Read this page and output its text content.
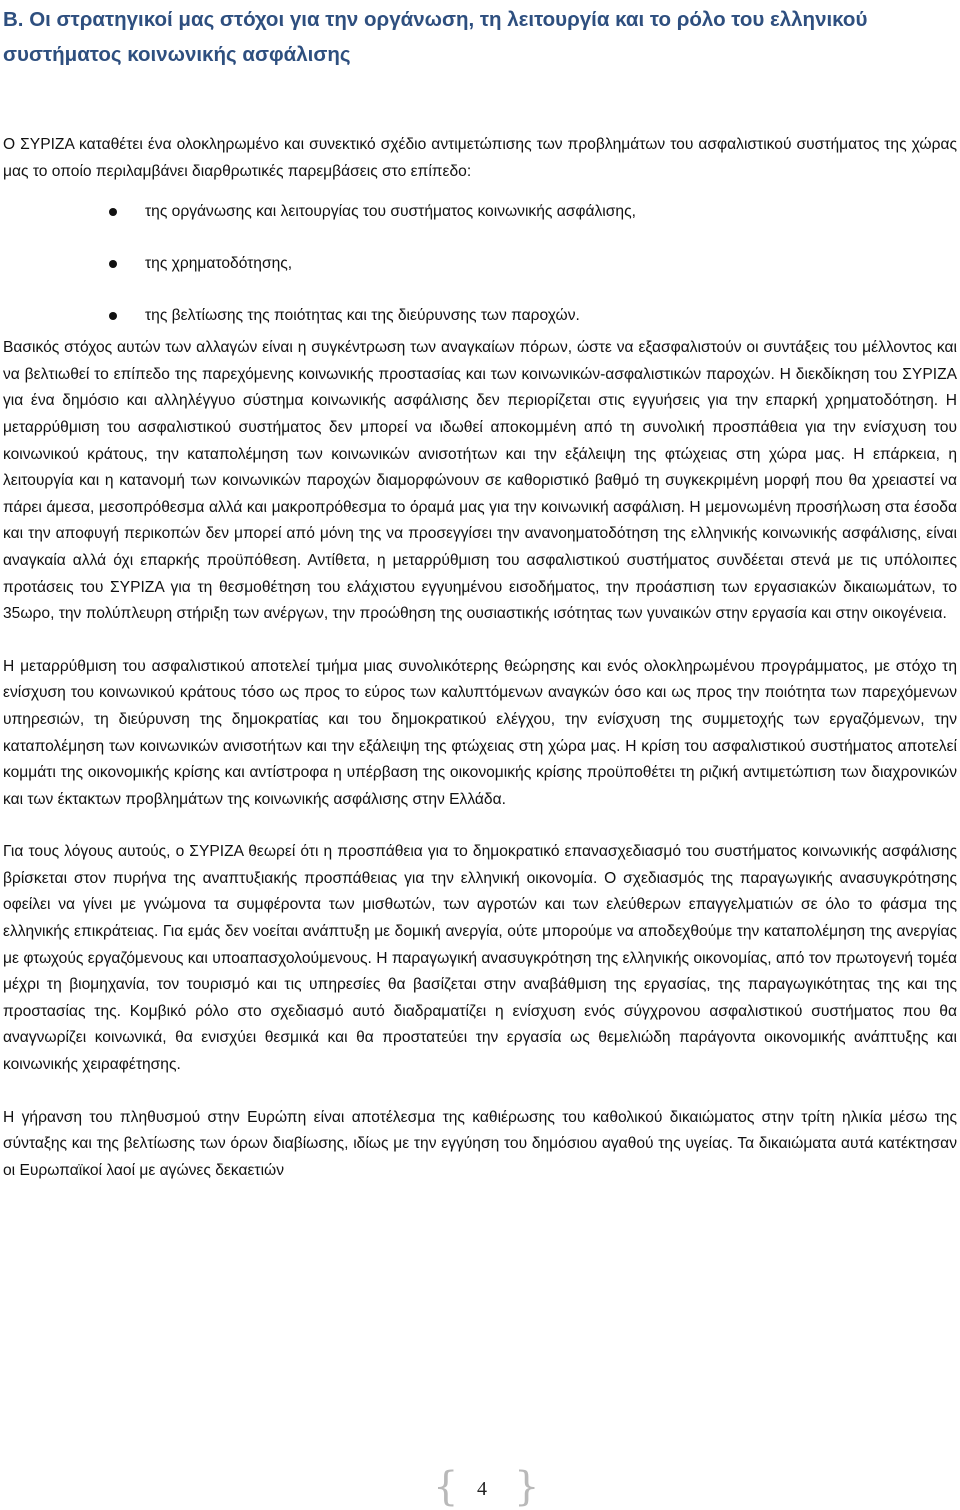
Β. Οι στρατηγικοί μας στόχοι για την οργάνωση, τη λειτουργία και το ρόλο του ελληνικού συστήματος κοινωνικής ασφάλισης

Ο ΣΥΡΙΖΑ καταθέτει ένα ολοκληρωμένο και συνεκτικό σχέδιο αντιμετώπισης των προβλημάτων του ασφαλιστικού συστήματος της χώρας μας το οποίο περιλαμβάνει διαρθρωτικές παρεμβάσεις στο επίπεδο:

της οργάνωσης και λειτουργίας του συστήματος κοινωνικής ασφάλισης,
της χρηματοδότησης,
της βελτίωσης της ποιότητας και της διεύρυνσης των παροχών.

Βασικός στόχος αυτών των αλλαγών είναι η συγκέντρωση των αναγκαίων πόρων, ώστε να εξασφαλιστούν οι συντάξεις του μέλλοντος και να βελτιωθεί το επίπεδο της παρεχόμενης κοινωνικής προστασίας και των κοινωνικών-ασφαλιστικών παροχών. Η διεκδίκηση του ΣΥΡΙΖΑ για ένα δημόσιο και αλληλέγγυο σύστημα κοινωνικής ασφάλισης δεν περιορίζεται στις εγγυήσεις για την επαρκή χρηματοδότηση. Η μεταρρύθμιση του ασφαλιστικού συστήματος δεν μπορεί να ιδωθεί αποκομμένη από τη συνολική προσπάθεια για την ενίσχυση του κοινωνικού κράτους, την καταπολέμηση των κοινωνικών ανισοτήτων και την εξάλειψη της φτώχειας στη χώρα μας. Η επάρκεια, η λειτουργία και η κατανομή των κοινωνικών παροχών διαμορφώνουν σε καθοριστικό βαθμό τη συγκεκριμένη μορφή που θα χρειαστεί να πάρει άμεσα, μεσοπρόθεσμα αλλά και μακροπρόθεσμα το όραμά μας για την κοινωνική ασφάλιση. Η μεμονωμένη προσήλωση στα έσοδα και την αποφυγή περικοπών δεν μπορεί από μόνη της να προσεγγίσει την ανανοηματοδότηση της ελληνικής κοινωνικής ασφάλισης, είναι αναγκαία αλλά όχι επαρκής προϋπόθεση. Αντίθετα, η μεταρρύθμιση του ασφαλιστικού συστήματος συνδέεται στενά με τις υπόλοιπες προτάσεις του ΣΥΡΙΖΑ για τη θεσμοθέτηση του ελάχιστου εγγυημένου εισοδήματος, την προάσπιση των εργασιακών δικαιωμάτων, το 35ωρο, την πολύπλευρη στήριξη των ανέργων, την προώθηση της ουσιαστικής ισότητας των γυναικών στην εργασία και στην οικογένεια.

Η μεταρρύθμιση του ασφαλιστικού αποτελεί τμήμα μιας συνολικότερης θεώρησης και ενός ολοκληρωμένου προγράμματος, με στόχο τη ενίσχυση του κοινωνικού κράτους τόσο ως προς το εύρος των καλυπτόμενων αναγκών όσο και ως προς την ποιότητα των παρεχόμενων υπηρεσιών, τη διεύρυνση της δημοκρατίας και του δημοκρατικού ελέγχου, την ενίσχυση της συμμετοχής των εργαζόμενων, την καταπολέμηση των κοινωνικών ανισοτήτων και την εξάλειψη της φτώχειας στη χώρα μας. Η κρίση του ασφαλιστικού συστήματος αποτελεί κομμάτι της οικονομικής κρίσης και αντίστροφα η υπέρβαση της οικονομικής κρίσης προϋποθέτει τη ριζική αντιμετώπιση των διαχρονικών και των έκτακτων προβλημάτων της κοινωνικής ασφάλισης στην Ελλάδα.

Για τους λόγους αυτούς, ο ΣΥΡΙΖΑ θεωρεί ότι η προσπάθεια για το δημοκρατικό επανασχεδιασμό του συστήματος κοινωνικής ασφάλισης βρίσκεται στον πυρήνα της αναπτυξιακής προσπάθειας για την ελληνική οικονομία. Ο σχεδιασμός της παραγωγικής ανασυγκρότησης οφείλει να γίνει με γνώμονα τα συμφέροντα των μισθωτών, των αγροτών και των ελεύθερων επαγγελματιών σε όλο το φάσμα της ελληνικής επικράτειας. Για εμάς δεν νοείται ανάπτυξη με δομική ανεργία, ούτε μπορούμε να αποδεχθούμε την καταπολέμηση της ανεργίας με φτωχούς εργαζόμενους και υποαπασχολούμενους. Η παραγωγική ανασυγκρότηση της ελληνικής οικονομίας, από τον πρωτογενή τομέα μέχρι τη βιομηχανία, τον τουρισμό και τις υπηρεσίες θα βασίζεται στην αναβάθμιση της εργασίας, της παραγωγικότητας της και της προστασίας της. Κομβικό ρόλο στο σχεδιασμό αυτό διαδραματίζει η ενίσχυση ενός σύγχρονου ασφαλιστικού συστήματος που θα αναγνωρίζει κοινωνικά, θα ενισχύει θεσμικά και θα προστατεύει την εργασία ως θεμελιώδη παράγοντα οικονομικής ανάπτυξης και κοινωνικής χειραφέτησης.

Η γήρανση του πληθυσμού στην Ευρώπη είναι αποτέλεσμα της καθιέρωσης του καθολικού δικαιώματος στην τρίτη ηλικία μέσω της σύνταξης και της βελτίωσης των όρων διαβίωσης, ιδίως με την εγγύηση του δημόσιου αγαθού της υγείας. Τα δικαιώματα αυτά κατέκτησαν οι Ευρωπαϊκοί λαοί με αγώνες δεκαετιών

{ 4 }
